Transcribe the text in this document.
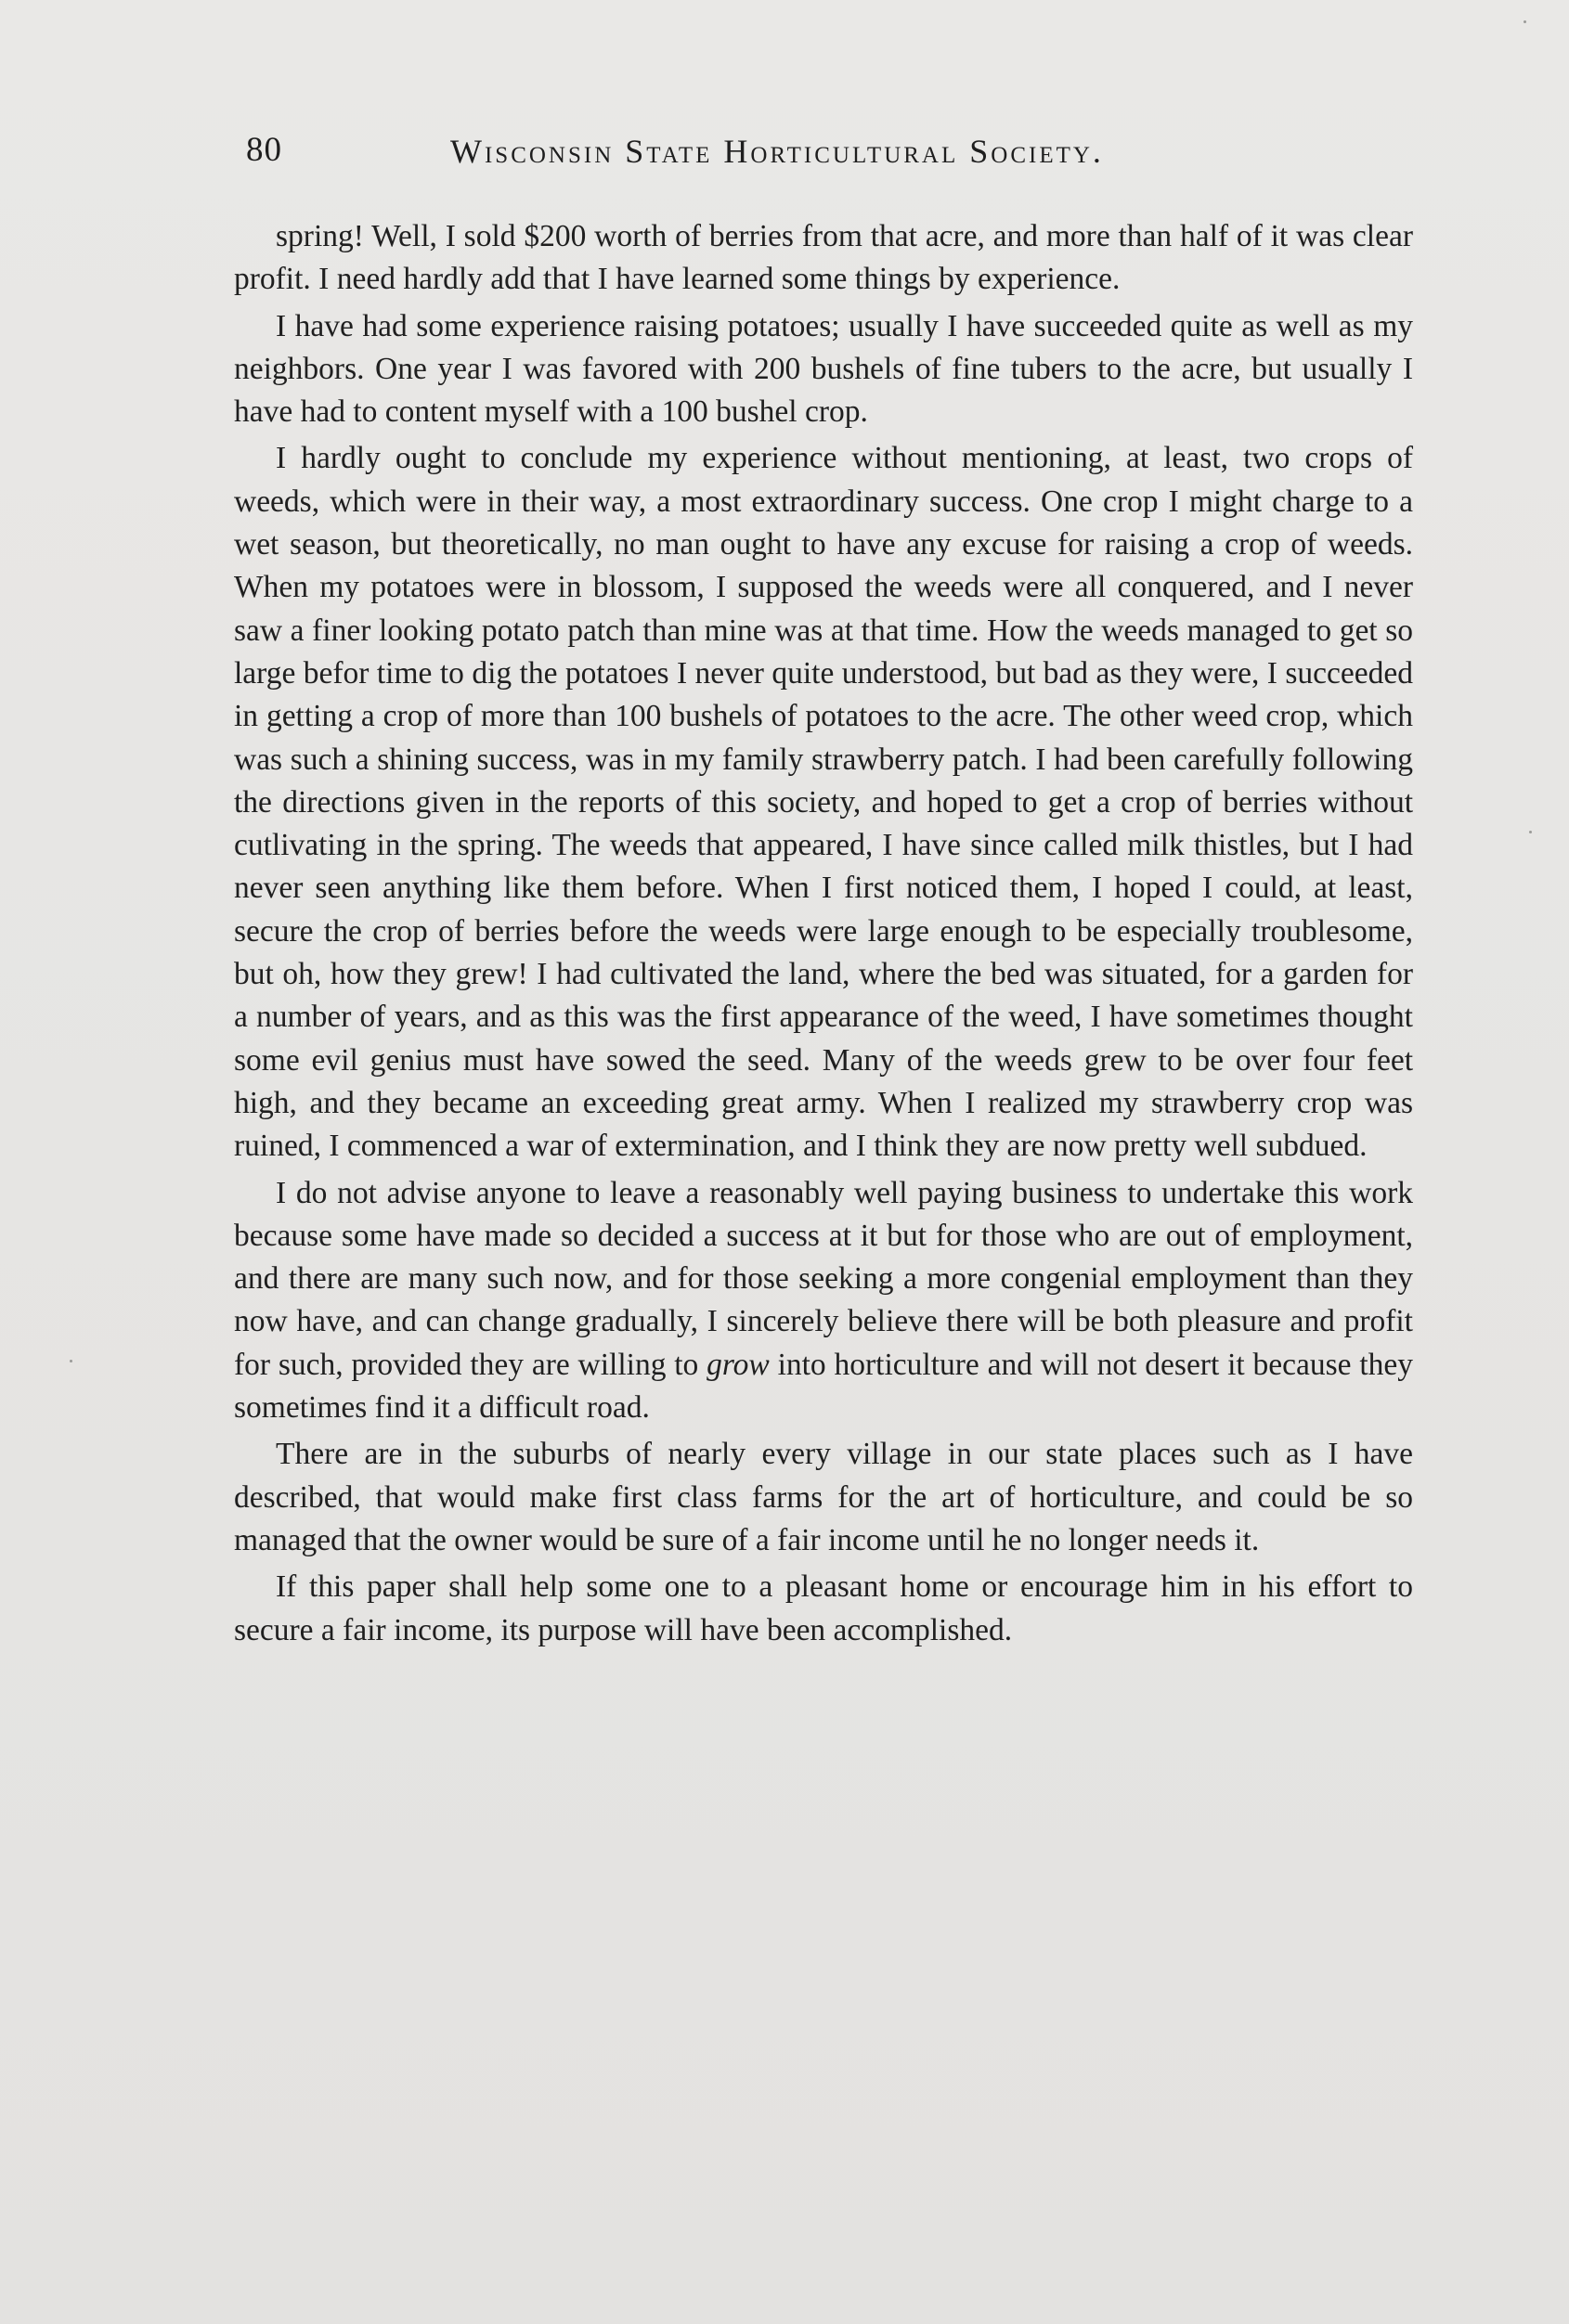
80	Wisconsin State Horticultural Society.

spring! Well, I sold $200 worth of berries from that acre, and more than half of it was clear profit. I need hardly add that I have learned some things by experience.

I have had some experience raising potatoes; usually I have succeeded quite as well as my neighbors. One year I was favored with 200 bushels of fine tubers to the acre, but usually I have had to content myself with a 100 bushel crop.

I hardly ought to conclude my experience without mentioning, at least, two crops of weeds, which were in their way, a most extraordinary success. One crop I might charge to a wet season, but theoretically, no man ought to have any excuse for raising a crop of weeds. When my potatoes were in blossom, I supposed the weeds were all conquered, and I never saw a finer looking potato patch than mine was at that time. How the weeds managed to get so large befor time to dig the potatoes I never quite understood, but bad as they were, I succeeded in getting a crop of more than 100 bushels of potatoes to the acre. The other weed crop, which was such a shining success, was in my family strawberry patch. I had been carefully following the directions given in the reports of this society, and hoped to get a crop of berries without cutlivating in the spring. The weeds that appeared, I have since called milk thistles, but I had never seen anything like them before. When I first noticed them, I hoped I could, at least, secure the crop of berries before the weeds were large enough to be especially troublesome, but oh, how they grew! I had cultivated the land, where the bed was situated, for a garden for a number of years, and as this was the first appearance of the weed, I have sometimes thought some evil genius must have sowed the seed. Many of the weeds grew to be over four feet high, and they became an exceeding great army. When I realized my strawberry crop was ruined, I commenced a war of extermination, and I think they are now pretty well subdued.

I do not advise anyone to leave a reasonably well paying business to undertake this work because some have made so decided a success at it but for those who are out of employment, and there are many such now, and for those seeking a more congenial employment than they now have, and can change gradually, I sincerely believe there will be both pleasure and profit for such, provided they are willing to grow into horticulture and will not desert it because they sometimes find it a difficult road.

There are in the suburbs of nearly every village in our state places such as I have described, that would make first class farms for the art of horticulture, and could be so managed that the owner would be sure of a fair income until he no longer needs it.

If this paper shall help some one to a pleasant home or encourage him in his effort to secure a fair income, its purpose will have been accomplished.
